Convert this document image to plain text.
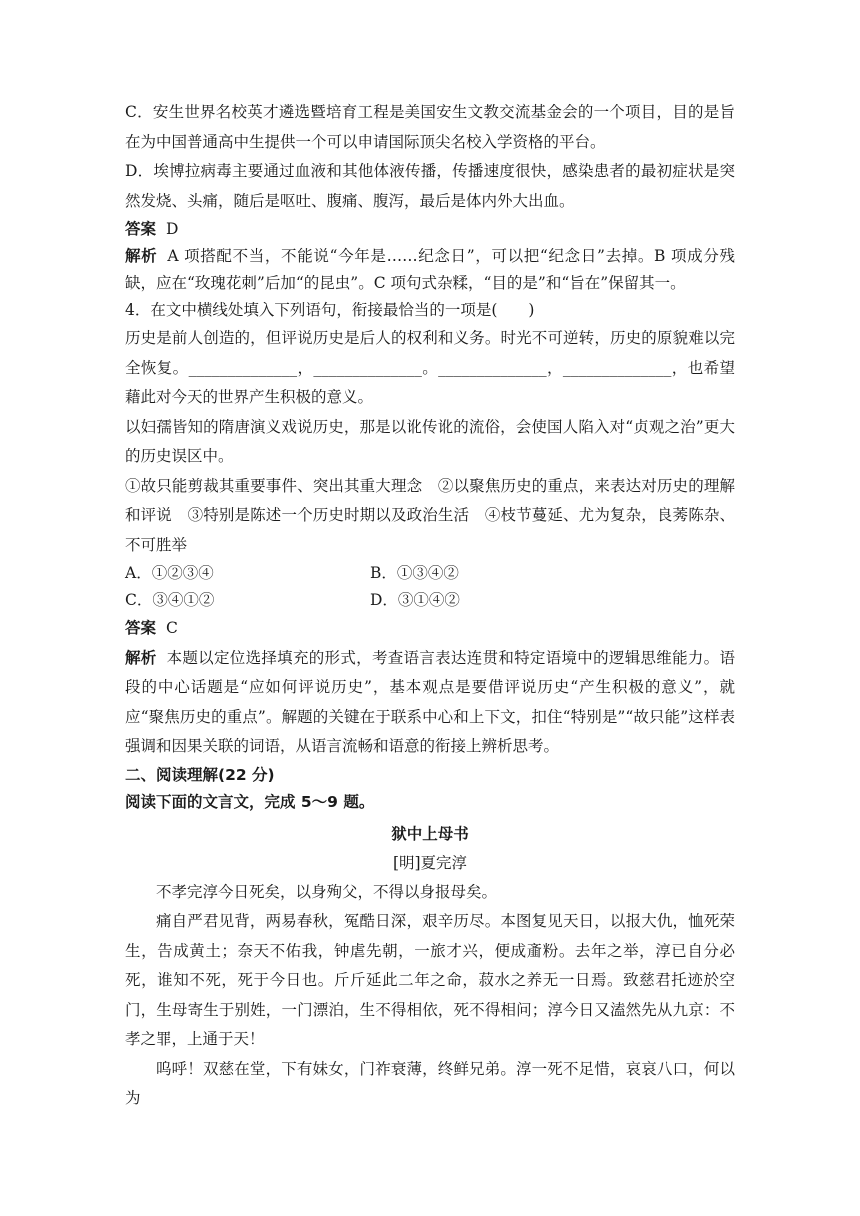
C．安生世界名校英才遴选暨培育工程是美国安生文教交流基金会的一个项目，目的是旨在为中国普通高中生提供一个可以申请国际顶尖名校入学资格的平台。

D．埃博拉病毒主要通过血液和其他体液传播，传播速度很快，感染患者的最初症状是突然发烧、头痛，随后是呕吐、腹痛、腹泻，最后是体内外大出血。

答案 D

解析 A 项搭配不当，不能说“今年是……纪念日”，可以把“纪念日”去掉。B 项成分残缺，应在“玫瑰花刺”后加“的昆虫”。C 项句式杂糅，“目的是”和“旨在”保留其一。

4．在文中横线处填入下列语句，衔接最恰当的一项是(　　)

历史是前人创造的，但评说历史是后人的权利和义务。时光不可逆转，历史的原貌难以完全恢复。______________，______________。______________，______________，也希望藉此对今天的世界产生积极的意义。

以妇孺皆知的隋唐演义戏说历史，那是以讹传讹的流俗，会使国人陷入对“贞观之治”更大的历史误区中。

①故只能剪裁其重要事件、突出其重大理念　②以聚焦历史的重点，来表达对历史的理解和评说　③特别是陈述一个历史时期以及政治生活　④枝节蔓延、尤为复杂，良莠陈杂、不可胜举

A．①②③④	B．①③④②
C．③④①②	D．③①④②

答案 C

解析 本题以定位选择填充的形式，考查语言表达连贯和特定语境中的逻辑思维能力。语段的中心话题是“应如何评说历史”，基本观点是要借评说历史“产生积极的意义”，就应“聚焦历史的重点”。解题的关键在于联系中心和上下文，扣住“特别是”“故只能”这样表强调和因果关联的词语，从语言流畅和语意的衔接上辨析思考。

二、阅读理解(22 分)

阅读下面的文言文，完成 5～9 题。

狱中上母书

[明]夏完淳

不孝完淳今日死矣，以身殉父，不得以身报母矣。

痛自严君见背，两易春秋，冤酷日深，艰辛历尽。本图复见天日，以报大仇，恤死荣生，告成黄土；奈天不佑我，钟虐先朝，一旅才兴，便成齑粉。去年之举，淳已自分必死，谁知不死，死于今日也。斤斤延此二年之命，菽水之养无一日焉。致慈君托迹於空门，生母寄生于别姓，一门漂泊，生不得相依，死不得相问；淳今日又溘然先从九京：不孝之罪，上通于天！

呜呼！双慈在堂，下有妹女，门祚衰薄，终鲜兄弟。淳一死不足惜，哀哀八口，何以为
